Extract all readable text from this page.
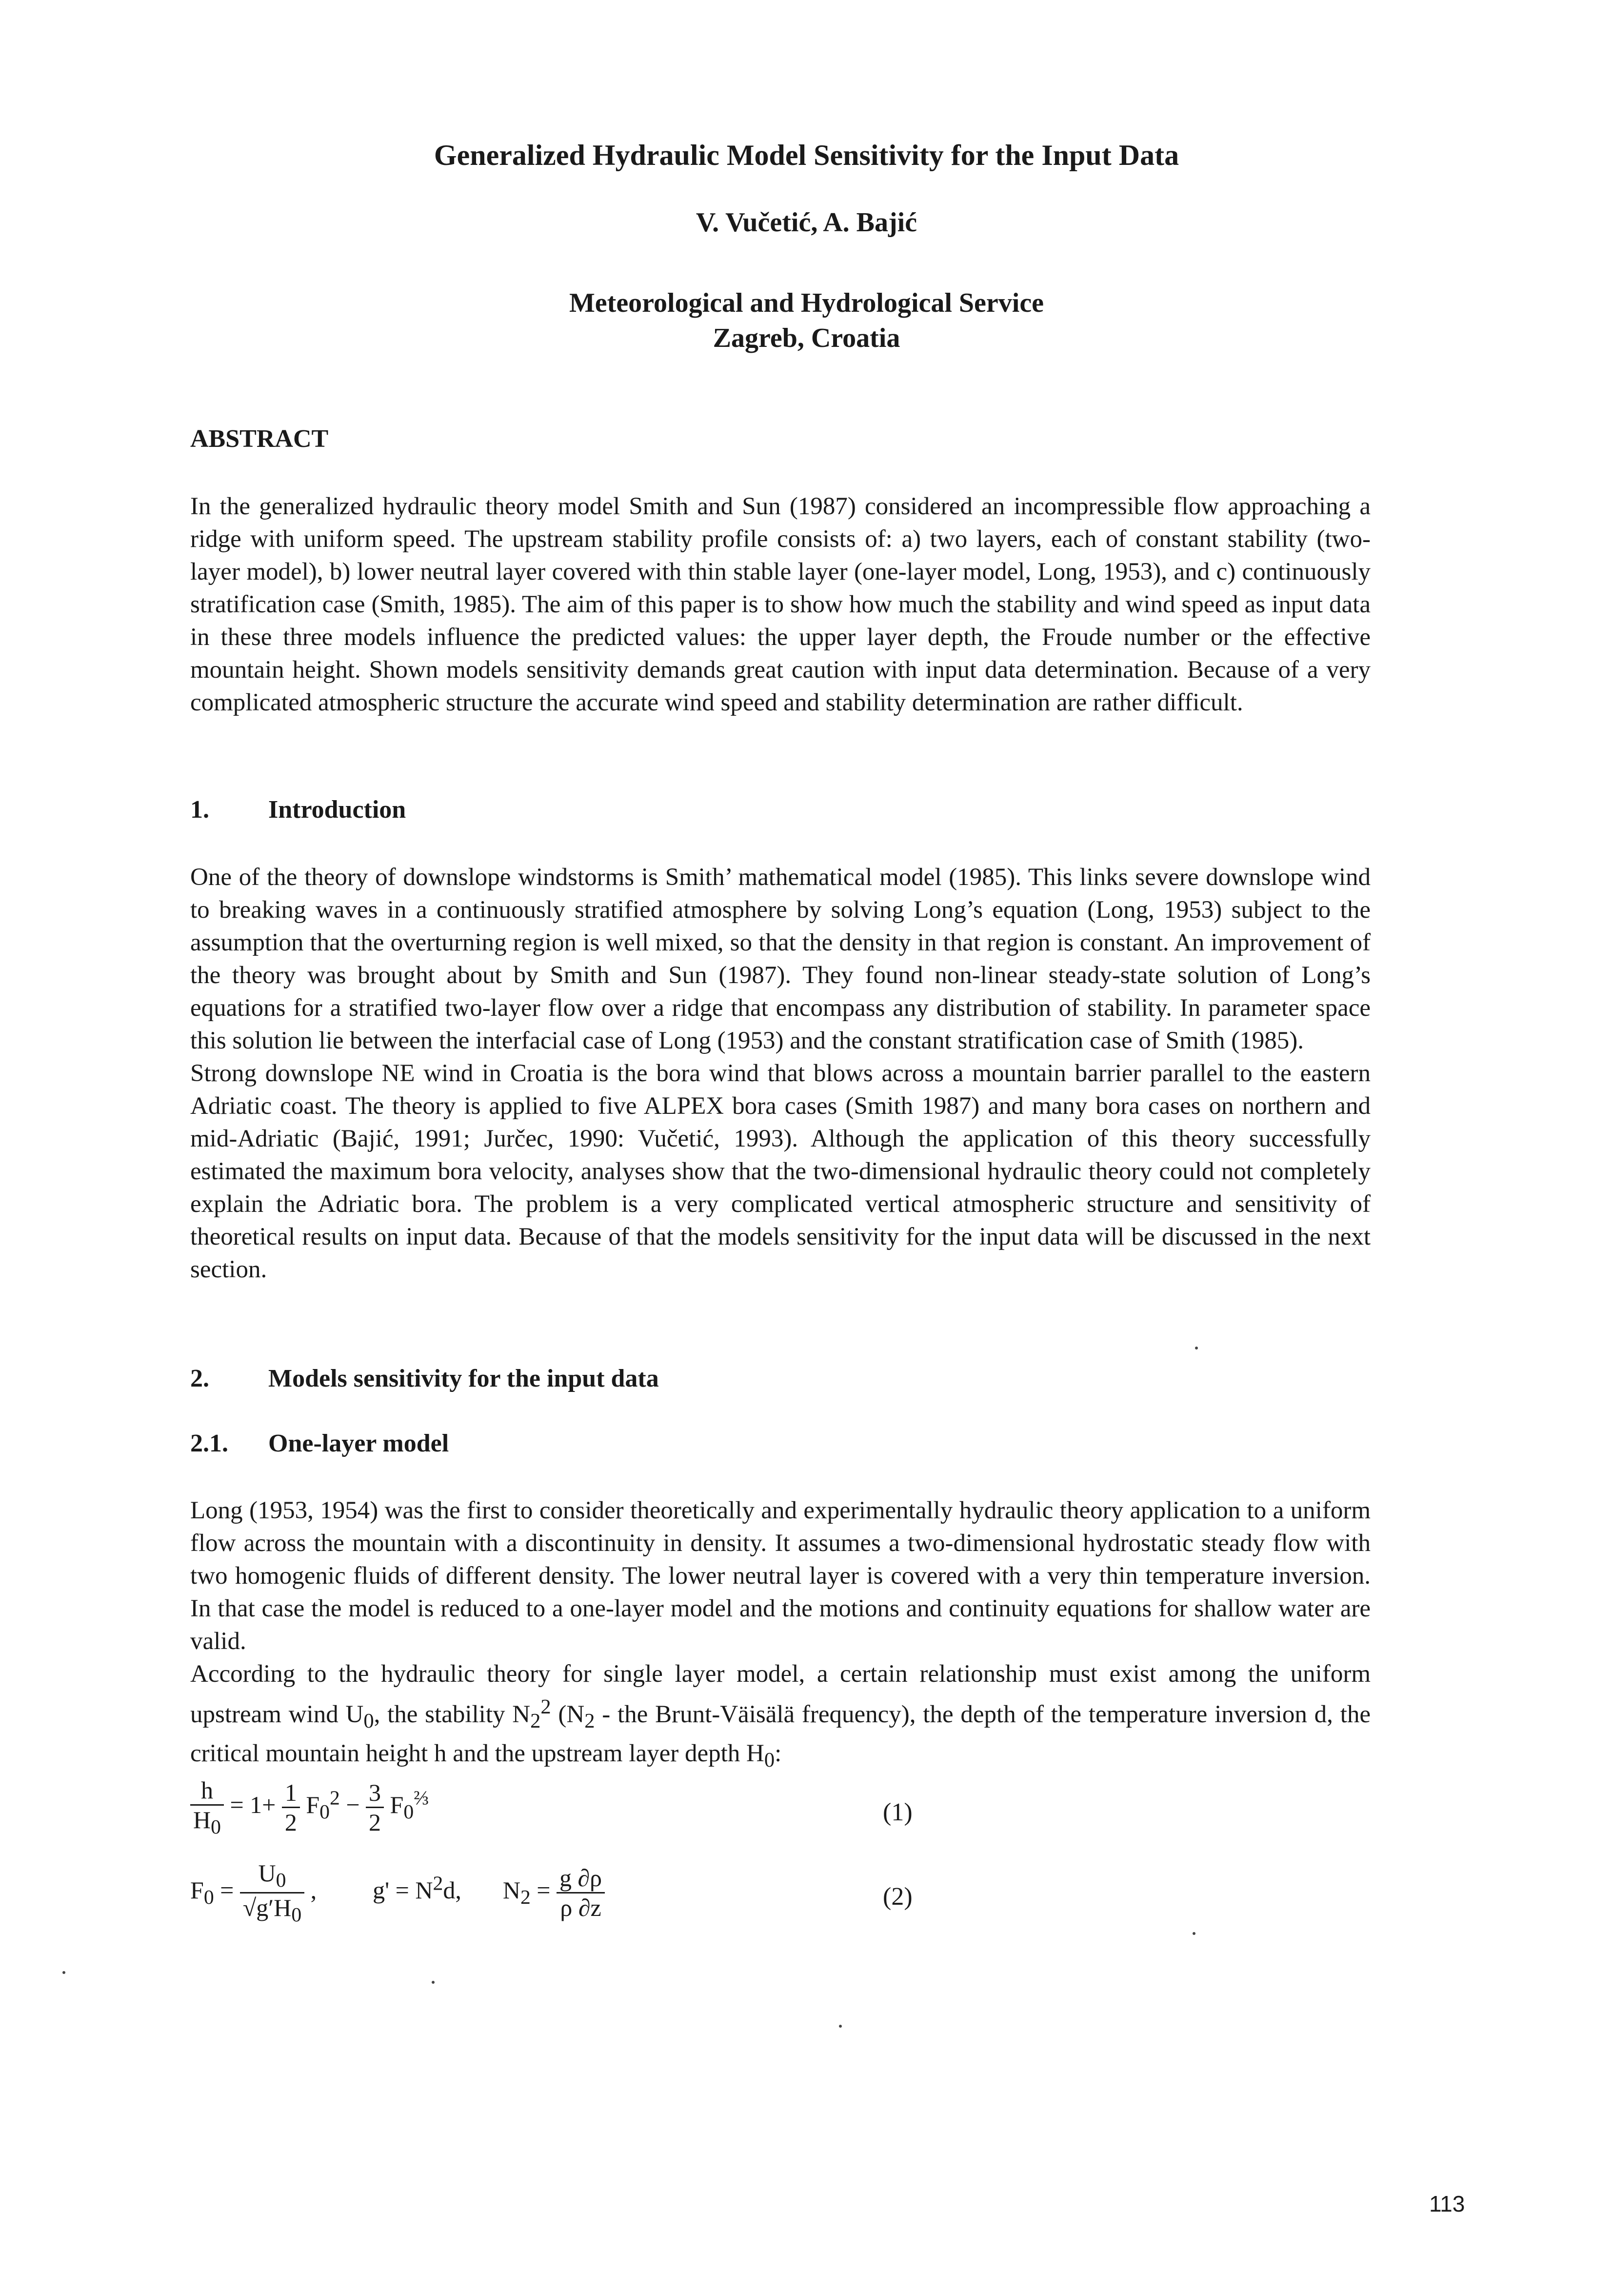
Generalized Hydraulic Model Sensitivity for the Input Data
V. Vučetić, A. Bajić
Meteorological and Hydrological Service
Zagreb, Croatia
ABSTRACT

In the generalized hydraulic theory model Smith and Sun (1987) considered an incompressible flow approaching a ridge with uniform speed. The upstream stability profile consists of: a) two layers, each of constant stability (two-layer model), b) lower neutral layer covered with thin stable layer (one-layer model, Long, 1953), and c) continuously stratification case (Smith, 1985). The aim of this paper is to show how much the stability and wind speed as input data in these three models influence the predicted values: the upper layer depth, the Froude number or the effective mountain height. Shown models sensitivity demands great caution with input data determination. Because of a very complicated atmospheric structure the accurate wind speed and stability determination are rather difficult.

1. Introduction

One of the theory of downslope windstorms is Smith’ mathematical model (1985). This links severe downslope wind to breaking waves in a continuously stratified atmosphere by solving Long’s equation (Long, 1953) subject to the assumption that the overturning region is well mixed, so that the density in that region is constant. An improvement of the theory was brought about by Smith and Sun (1987). They found non-linear steady-state solution of Long’s equations for a stratified two-layer flow over a ridge that encompass any distribution of stability. In parameter space this solution lie between the interfacial case of Long (1953) and the constant stratification case of Smith (1985).

Strong downslope NE wind in Croatia is the bora wind that blows across a mountain barrier parallel to the eastern Adriatic coast. The theory is applied to five ALPEX bora cases (Smith 1987) and many bora cases on northern and mid-Adriatic (Bajić, 1991; Jurčec, 1990: Vučetić, 1993). Although the application of this theory successfully estimated the maximum bora velocity, analyses show that the two-dimensional hydraulic theory could not completely explain the Adriatic bora. The problem is a very complicated vertical atmospheric structure and sensitivity of theoretical results on input data. Because of that the models sensitivity for the input data will be discussed in the next section.

2. Models sensitivity for the input data
2.1. One-layer model

Long (1953, 1954) was the first to consider theoretically and experimentally hydraulic theory application to a uniform flow across the mountain with a discontinuity in density. It assumes a two-dimensional hydrostatic steady flow with two homogenic fluids of different density. The lower neutral layer is covered with a very thin temperature inversion. In that case the model is reduced to a one-layer model and the motions and continuity equations for shallow water are valid.

According to the hydraulic theory for single layer model, a certain relationship must exist among the uniform upstream wind $U_0$, the stability $N_2^2$ ($N_2$ - the Brunt-Väisälä frequency), the depth of the temperature inversion d, the critical mountain height h and the upstream layer depth $H_0$:

$\frac{h}{H_0} = 1+ \frac{1}{2} F_0^2 - \frac{3}{2} F_0^{\frac{2}{3}}$
(1)
$F_0 = \frac{U_0}{√g'H_0}$ , $g' = N^2d$, $N_2 = \frac{g \partial\rho}{\rho \partial z}$	(2)
113
